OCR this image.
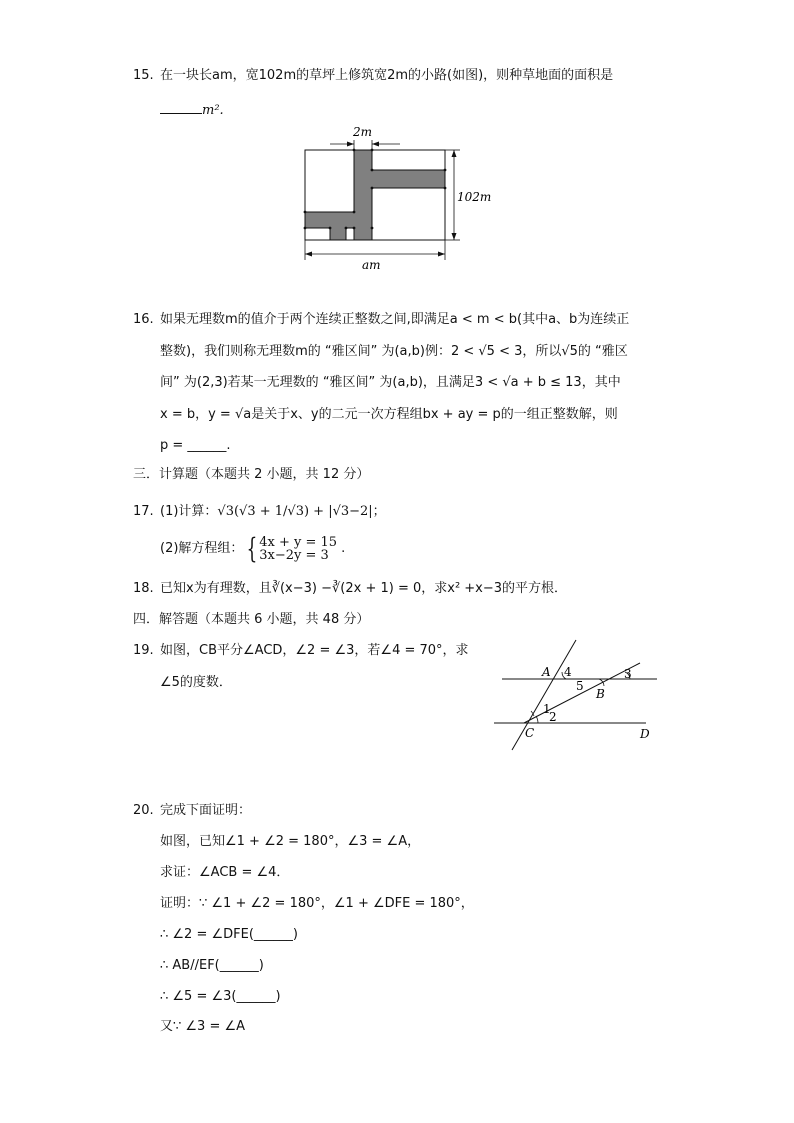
15. 在一块长am，宽102m的草坪上修筑宽2m的小路(如图)，则种草地面的面积是
m².
2m
102m
am
16. 如果无理数m的值介于两个连续正整数之间,即满足a < m < b(其中a、b为连续正
整数)，我们则称无理数m的 “雅区间” 为(a,b)例：2 < √5 < 3，所以√5的 “雅区
间” 为(2,3)若某一无理数的 “雅区间” 为(a,b)，且满足3 < √a + b ≤ 13，其中
x = b，y = √a是关于x、y的二元一次方程组bx + ay = p的一组正整数解，则
p = ______.
三．计算题（本题共 2 小题，共 12 分）
17. (1)计算：√3(√3 + 1/√3) + |√3−2|；
(2)解方程组： { 4x + y = 15
3x−2y = 3 .
18. 已知x为有理数，且∛(x−3) −∛(2x + 1) = 0，求x² +x−3的平方根．
四．解答题（本题共 6 小题，共 48 分）
19. 如图，CB平分∠ACD，∠2 = ∠3，若∠4 = 70°，求
∠5的度数．
A 4	3
5
B
1
2
C	D
20. 完成下面证明：
如图，已知∠1 + ∠2 = 180°，∠3 = ∠A，
求证：∠ACB = ∠4．
证明：∵ ∠1 + ∠2 = 180°，∠1 + ∠DFE = 180°，
∴ ∠2 = ∠DFE(______)
∴ AB//EF(______)
∴ ∠5 = ∠3(______)
又∵ ∠3 = ∠A
